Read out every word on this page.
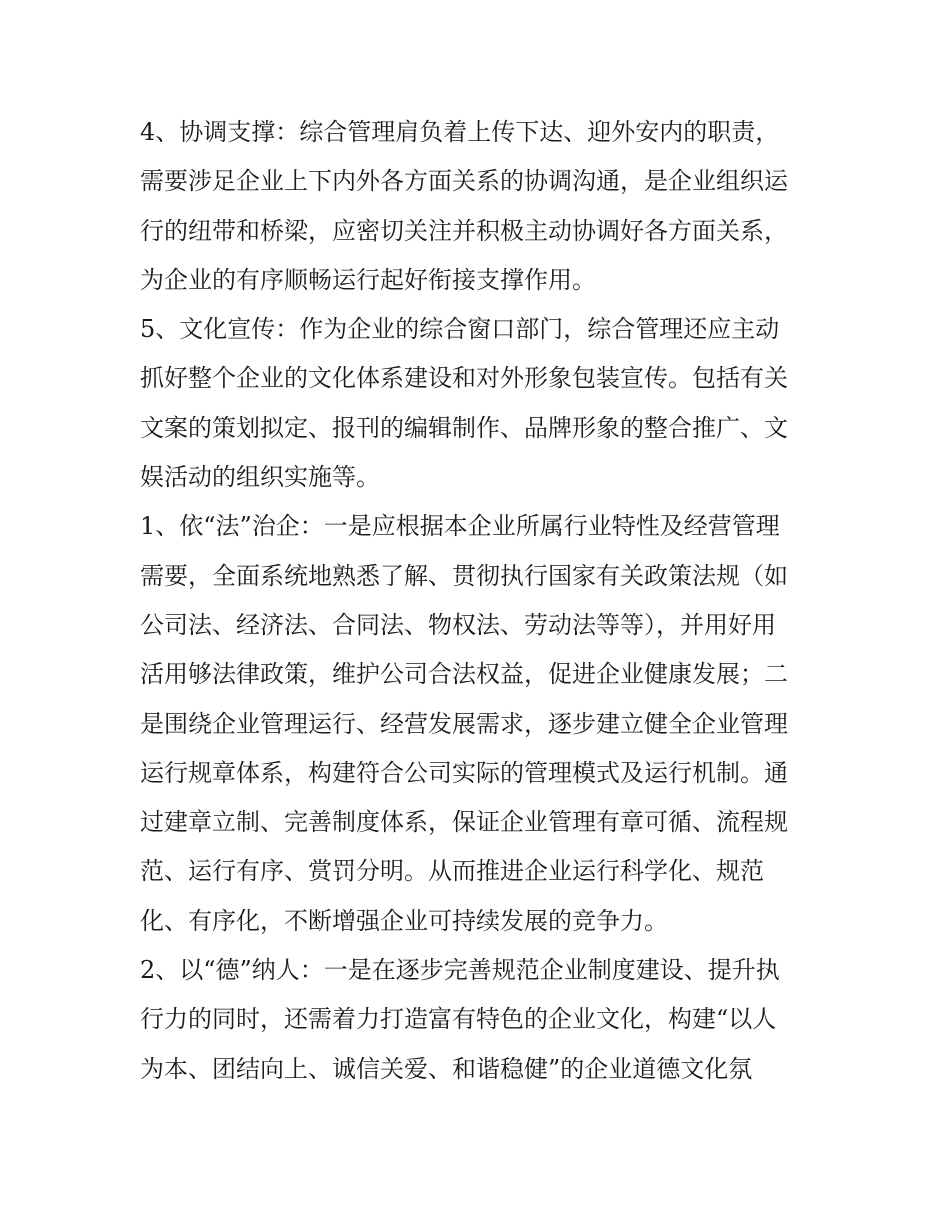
4、协调支撑：综合管理肩负着上传下达、迎外安内的职责，
需要涉足企业上下内外各方面关系的协调沟通，是企业组织运
行的纽带和桥梁，应密切关注并积极主动协调好各方面关系，
为企业的有序顺畅运行起好衔接支撑作用。
5、文化宣传：作为企业的综合窗口部门，综合管理还应主动
抓好整个企业的文化体系建设和对外形象包装宣传。包括有关
文案的策划拟定、报刊的编辑制作、品牌形象的整合推广、文
娱活动的组织实施等。
1、依“法”治企：一是应根据本企业所属行业特性及经营管理
需要，全面系统地熟悉了解、贯彻执行国家有关政策法规（如
公司法、经济法、合同法、物权法、劳动法等等），并用好用
活用够法律政策，维护公司合法权益，促进企业健康发展；二
是围绕企业管理运行、经营发展需求，逐步建立健全企业管理
运行规章体系，构建符合公司实际的管理模式及运行机制。通
过建章立制、完善制度体系，保证企业管理有章可循、流程规
范、运行有序、赏罚分明。从而推进企业运行科学化、规范
化、有序化，不断增强企业可持续发展的竞争力。
2、以“德”纳人：一是在逐步完善规范企业制度建设、提升执
行力的同时，还需着力打造富有特色的企业文化，构建“以人
为本、团结向上、诚信关爱、和谐稳健”的企业道德文化氛
